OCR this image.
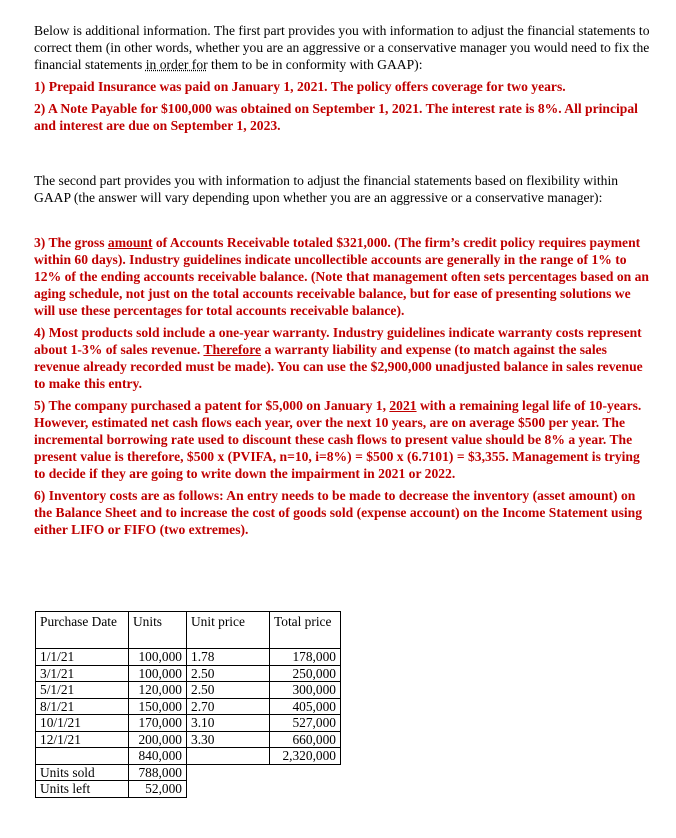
Below is additional information. The first part provides you with information to adjust the financial statements to correct them (in other words, whether you are an aggressive or a conservative manager you would need to fix the financial statements in order for them to be in conformity with GAAP):

1) Prepaid Insurance was paid on January 1, 2021. The policy offers coverage for two years.

2) A Note Payable for $100,000 was obtained on September 1, 2021. The interest rate is 8%. All principal and interest are due on September 1, 2023.

The second part provides you with information to adjust the financial statements based on flexibility within GAAP (the answer will vary depending upon whether you are an aggressive or a conservative manager):

3) The gross amount of Accounts Receivable totaled $321,000. (The firm’s credit policy requires payment within 60 days). Industry guidelines indicate uncollectible accounts are generally in the range of 1% to 12% of the ending accounts receivable balance. (Note that management often sets percentages based on an aging schedule, not just on the total accounts receivable balance, but for ease of presenting solutions we will use these percentages for total accounts receivable balance).

4) Most products sold include a one-year warranty. Industry guidelines indicate warranty costs represent about 1-3% of sales revenue. Therefore a warranty liability and expense (to match against the sales revenue already recorded must be made). You can use the $2,900,000 unadjusted balance in sales revenue to make this entry.

5) The company purchased a patent for $5,000 on January 1, 2021 with a remaining legal life of 10-years. However, estimated net cash flows each year, over the next 10 years, are on average $500 per year. The incremental borrowing rate used to discount these cash flows to present value should be 8% a year. The present value is therefore, $500 x (PVIFA, n=10, i=8%) = $500 x (6.7101) = $3,355. Management is trying to decide if they are going to write down the impairment in 2021 or 2022.

6) Inventory costs are as follows: An entry needs to be made to decrease the inventory (asset amount) on the Balance Sheet and to increase the cost of goods sold (expense account) on the Income Statement using either LIFO or FIFO (two extremes).

Purchase Date	Units	Unit price	Total price
1/1/21	100,000	1.78	178,000
3/1/21	100,000	2.50	250,000
5/1/21	120,000	2.50	300,000
8/1/21	150,000	2.70	405,000
10/1/21	170,000	3.10	527,000
12/1/21	200,000	3.30	660,000
	840,000		2,320,000
Units sold	788,000		
Units left	52,000		
